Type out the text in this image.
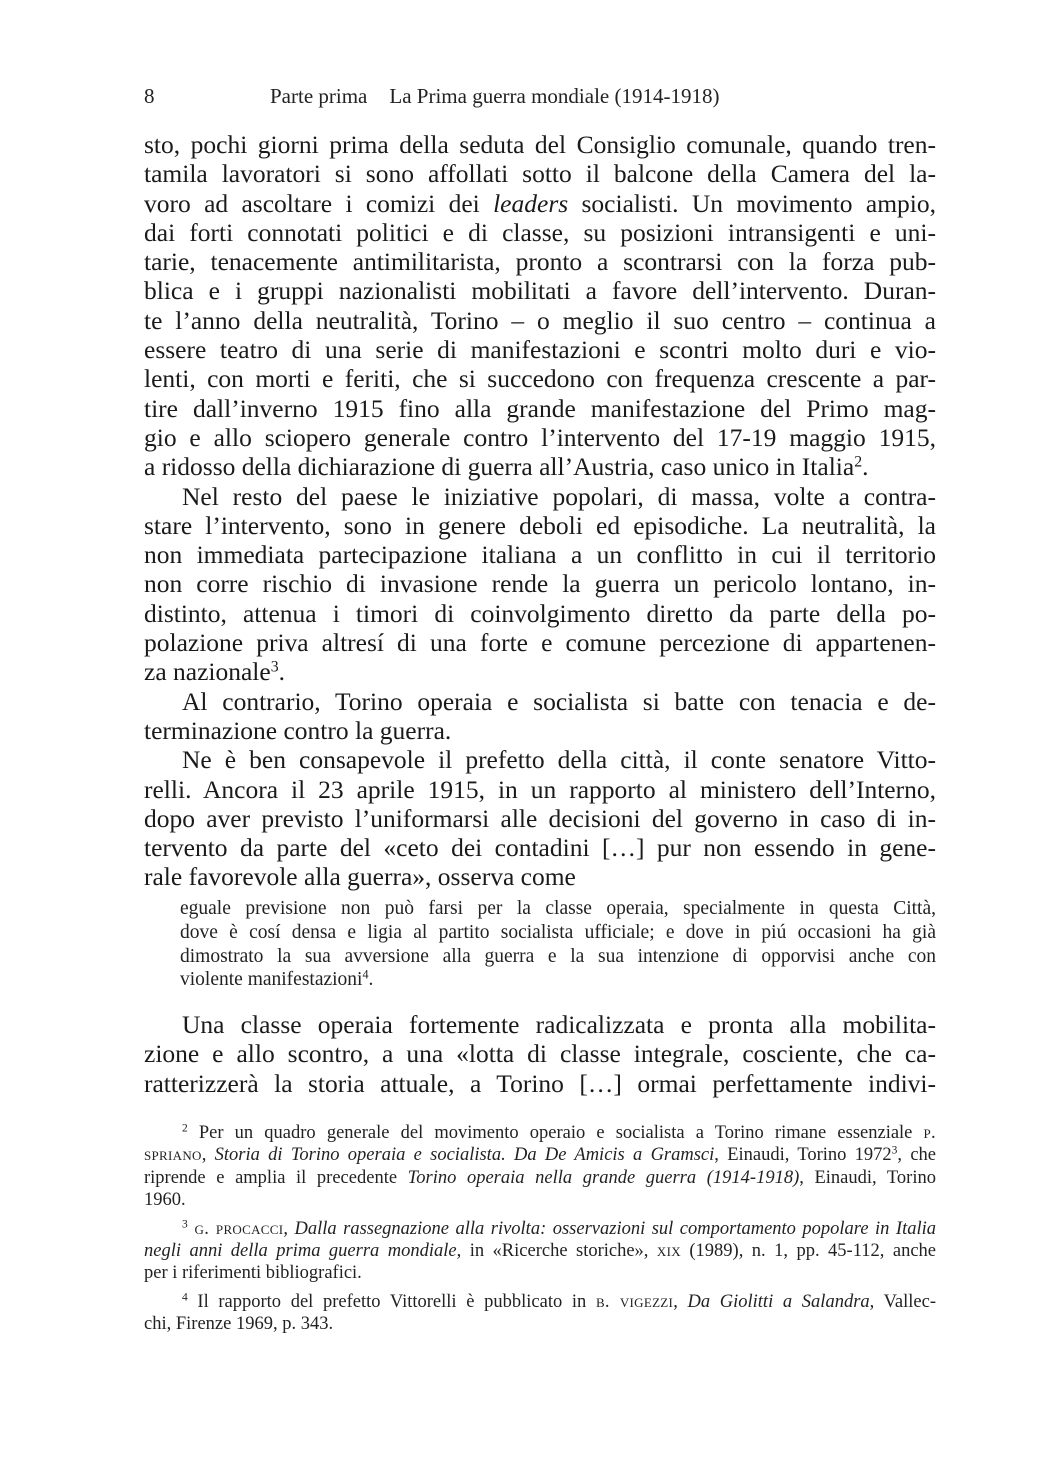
8	Parte prima La Prima guerra mondiale (1914-1918)
sto, pochi giorni prima della seduta del Consiglio comunale, quando tren-
tamila lavoratori si sono affollati sotto il balcone della Camera del la-
voro ad ascoltare i comizi dei leaders socialisti. Un movimento ampio,
dai forti connotati politici e di classe, su posizioni intransigenti e uni-
tarie, tenacemente antimilitarista, pronto a scontrarsi con la forza pub-
blica e i gruppi nazionalisti mobilitati a favore dell’intervento. Duran-
te l’anno della neutralità, Torino – o meglio il suo centro – continua a
essere teatro di una serie di manifestazioni e scontri molto duri e vio-
lenti, con morti e feriti, che si succedono con frequenza crescente a par-
tire dall’inverno 1915 fino alla grande manifestazione del Primo mag-
gio e allo sciopero generale contro l’intervento del 17-19 maggio 1915,
a ridosso della dichiarazione di guerra all’Austria, caso unico in Italia$^2$.
Nel resto del paese le iniziative popolari, di massa, volte a contra-
stare l’intervento, sono in genere deboli ed episodiche. La neutralità, la
non immediata partecipazione italiana a un conflitto in cui il territorio
non corre rischio di invasione rende la guerra un pericolo lontano, in-
distinto, attenua i timori di coinvolgimento diretto da parte della po-
polazione priva altresí di una forte e comune percezione di appartenen-
za nazionale$^3$.
Al contrario, Torino operaia e socialista si batte con tenacia e de-
terminazione contro la guerra.
Ne è ben consapevole il prefetto della città, il conte senatore Vitto-
relli. Ancora il 23 aprile 1915, in un rapporto al ministero dell’Interno,
dopo aver previsto l’uniformarsi alle decisioni del governo in caso di in-
tervento da parte del «ceto dei contadini […] pur non essendo in gene-
rale favorevole alla guerra», osserva come
eguale previsione non può farsi per la classe operaia, specialmente in questa Città,
dove è cosí densa e ligia al partito socialista ufficiale; e dove in piú occasioni ha già
dimostrato la sua avversione alla guerra e la sua intenzione di opporvisi anche con
violente manifestazioni$^4$.
Una classe operaia fortemente radicalizzata e pronta alla mobilita-
zione e allo scontro, a una «lotta di classe integrale, cosciente, che ca-
ratterizzerà la storia attuale, a Torino […] ormai perfettamente indivi-
$^2$ Per un quadro generale del movimento operaio e socialista a Torino rimane essenziale p.
spriano, Storia di Torino operaia e socialista. Da De Amicis a Gramsci, Einaudi, Torino 1972$^3$, che
riprende e amplia il precedente Torino operaia nella grande guerra (1914-1918), Einaudi, Torino
1960.
$^3$ g. procacci, Dalla rassegnazione alla rivolta: osservazioni sul comportamento popolare in Italia
negli anni della prima guerra mondiale, in «Ricerche storiche», xix (1989), n. 1, pp. 45-112, anche
per i riferimenti bibliografici.
$^4$ Il rapporto del prefetto Vittorelli è pubblicato in b. vigezzi, Da Giolitti a Salandra, Vallec-
chi, Firenze 1969, p. 343.
